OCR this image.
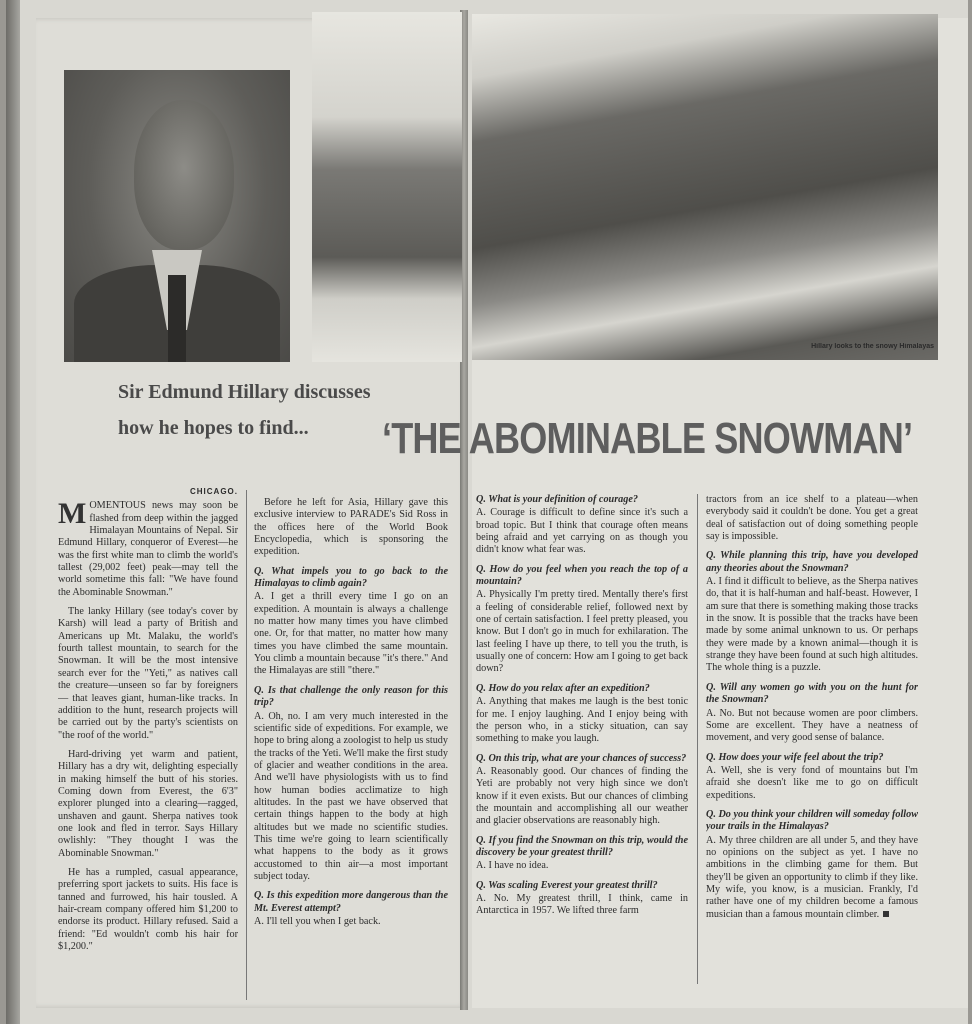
Hillary looks to the snowy Himalayas
Sir Edmund Hillary discusses
how he hopes to find... ‘THE ABOMINABLE SNOWMAN’
CHICAGO.

MOMENTOUS news may soon be flashed from deep within the jagged Himalayan Mountains of Nepal. Sir Edmund Hillary, conqueror of Everest—he was the first white man to climb the world's tallest (29,002 feet) peak—may tell the world sometime this fall: "We have found the Abominable Snowman."

The lanky Hillary (see today's cover by Karsh) will lead a party of British and Americans up Mt. Malaku, the world's fourth tallest mountain, to search for the Snowman. It will be the most intensive search ever for the "Yeti," as natives call the creature—unseen so far by foreigners — that leaves giant, human-like tracks. In addition to the hunt, research projects will be carried out by the party's scientists on "the roof of the world."

Hard-driving yet warm and patient, Hillary has a dry wit, delighting especially in making himself the butt of his stories. Coming down from Everest, the 6'3" explorer plunged into a clearing—ragged, unshaven and gaunt. Sherpa natives took one look and fled in terror. Says Hillary owlishly: "They thought I was the Abominable Snowman."

He has a rumpled, casual appearance, preferring sport jackets to suits. His face is tanned and furrowed, his hair tousled. A hair-cream company offered him $1,200 to endorse its product. Hillary refused. Said a friend: "Ed wouldn't comb his hair for $1,200."

Before he left for Asia, Hillary gave this exclusive interview to PARADE's Sid Ross in the offices here of the World Book Encyclopedia, which is sponsoring the expedition.

Q. What impels you to go back to the Himalayas to climb again?

A. I get a thrill every time I go on an expedition. A mountain is always a challenge no matter how many times you have climbed one. Or, for that matter, no matter how many times you have climbed the same mountain. You climb a mountain because "it's there." And the Himalayas are still "there."

Q. Is that challenge the only reason for this trip?

A. Oh, no. I am very much interested in the scientific side of expeditions. For example, we hope to bring along a zoologist to help us study the tracks of the Yeti. We'll make the first study of glacier and weather conditions in the area. And we'll have physiologists with us to find how human bodies acclimatize to high altitudes. In the past we have observed that certain things happen to the body at high altitudes but we made no scientific studies. This time we're going to learn scientifically what happens to the body as it grows accustomed to thin air—a most important subject today.

Q. Is this expedition more dangerous than the Mt. Everest attempt?

A. I'll tell you when I get back.

Q. What is your definition of courage?

A. Courage is difficult to define since it's such a broad topic. But I think that courage often means being afraid and yet carrying on as though you didn't know what fear was.

Q. How do you feel when you reach the top of a mountain?

A. Physically I'm pretty tired. Mentally there's first a feeling of considerable relief, followed next by one of certain satisfaction. I feel pretty pleased, you know. But I don't go in much for exhilaration. The last feeling I have up there, to tell you the truth, is usually one of concern: How am I going to get back down?

Q. How do you relax after an expedition?

A. Anything that makes me laugh is the best tonic for me. I enjoy laughing. And I enjoy being with the person who, in a sticky situation, can say something to make you laugh.

Q. On this trip, what are your chances of success?

A. Reasonably good. Our chances of finding the Yeti are probably not very high since we don't know if it even exists. But our chances of climbing the mountain and accomplishing all our weather and glacier observations are reasonably high.

Q. If you find the Snowman on this trip, would the discovery be your greatest thrill?

A. I have no idea.

Q. Was scaling Everest your greatest thrill?

A. No. My greatest thrill, I think, came in Antarctica in 1957. We lifted three farm

tractors from an ice shelf to a plateau—when everybody said it couldn't be done. You get a great deal of satisfaction out of doing something people say is impossible.

Q. While planning this trip, have you developed any theories about the Snowman?

A. I find it difficult to believe, as the Sherpa natives do, that it is half-human and half-beast. However, I am sure that there is something making those tracks in the snow. It is possible that the tracks have been made by some animal unknown to us. Or perhaps they were made by a known animal—though it is strange they have been found at such high altitudes. The whole thing is a puzzle.

Q. Will any women go with you on the hunt for the Snowman?

A. No. But not because women are poor climbers. Some are excellent. They have a neatness of movement, and very good sense of balance.

Q. How does your wife feel about the trip?

A. Well, she is very fond of mountains but I'm afraid she doesn't like me to go on difficult expeditions.

Q. Do you think your children will someday follow your trails in the Himalayas?

A. My three children are all under 5, and they have no opinions on the subject as yet. I have no ambitions in the climbing game for them. But they'll be given an opportunity to climb if they like. My wife, you know, is a musician. Frankly, I'd rather have one of my children become a famous musician than a famous mountain climber.
